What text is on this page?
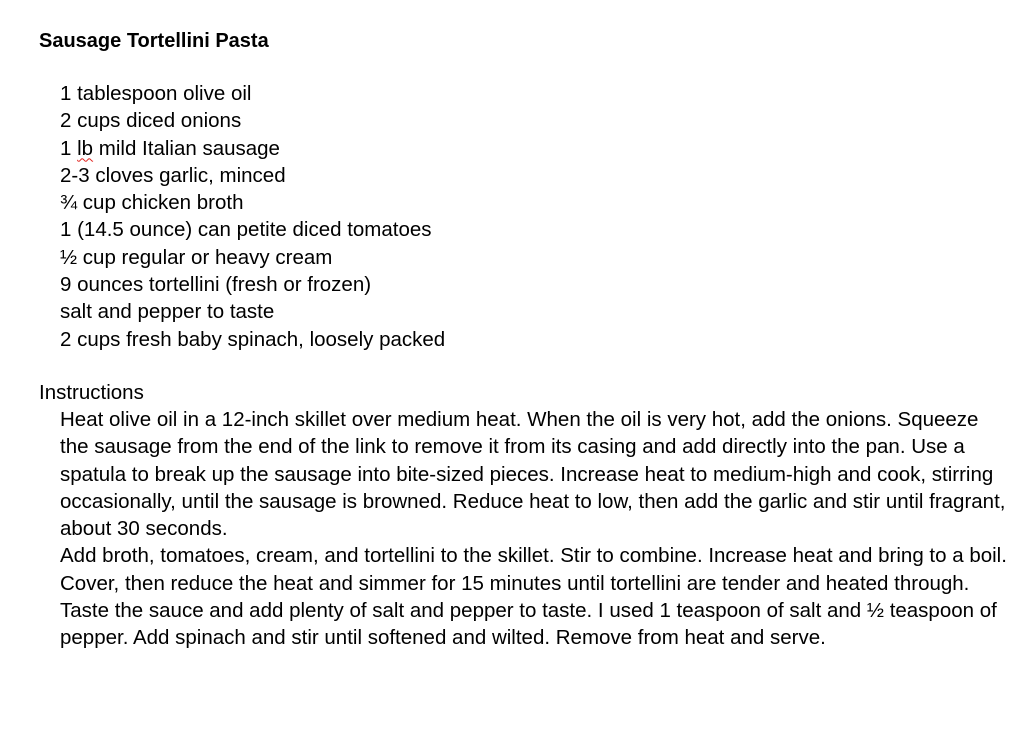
Sausage Tortellini Pasta
1 tablespoon olive oil
2 cups diced onions
1 lb mild Italian sausage
2-3 cloves garlic, minced
¾ cup chicken broth
1 (14.5 ounce) can petite diced tomatoes
½ cup regular or heavy cream
9 ounces tortellini (fresh or frozen)
salt and pepper to taste
2 cups fresh baby spinach, loosely packed
Instructions

Heat olive oil in a 12-inch skillet over medium heat. When the oil is very hot, add the onions. Squeeze the sausage from the end of the link to remove it from its casing and add directly into the pan. Use a spatula to break up the sausage into bite-sized pieces. Increase heat to medium-high and cook, stirring occasionally, until the sausage is browned. Reduce heat to low, then add the garlic and stir until fragrant, about 30 seconds.

Add broth, tomatoes, cream, and tortellini to the skillet. Stir to combine. Increase heat and bring to a boil.

Cover, then reduce the heat and simmer for 15 minutes until tortellini are tender and heated through. Taste the sauce and add plenty of salt and pepper to taste. I used 1 teaspoon of salt and ½ teaspoon of pepper. Add spinach and stir until softened and wilted. Remove from heat and serve.
